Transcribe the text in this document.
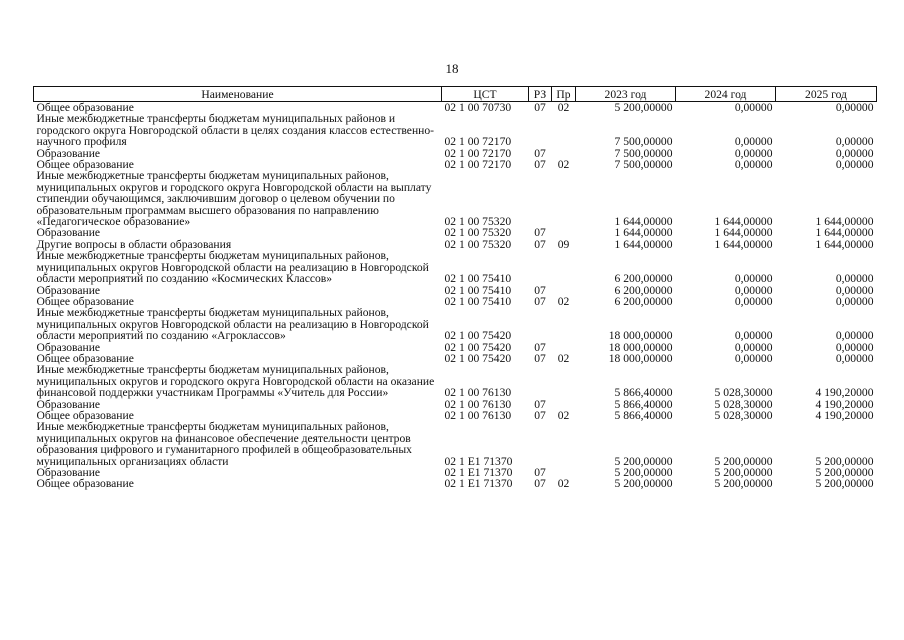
18
Наименование	ЦСТ	РЗ	Пр	2023 год	2024 год	2025 год
Общее образование	02 1 00 70730	07	02	5 200,00000	0,00000	0,00000
Иные межбюджетные трансферты бюджетам муниципальных районов и городского округа Новгородской области в целях создания классов естественно-научного профиля	02 1 00 72170			7 500,00000	0,00000	0,00000
Образование	02 1 00 72170	07		7 500,00000	0,00000	0,00000
Общее образование	02 1 00 72170	07	02	7 500,00000	0,00000	0,00000
Иные межбюджетные трансферты бюджетам муниципальных районов, муниципальных округов и городского округа Новгородской области на выплату стипендии обучающимся, заключившим договор о целевом обучении по образовательным программам высшего образования по направлению «Педагогическое образование»	02 1 00 75320			1 644,00000	1 644,00000	1 644,00000
Образование	02 1 00 75320	07		1 644,00000	1 644,00000	1 644,00000
Другие вопросы в области образования	02 1 00 75320	07	09	1 644,00000	1 644,00000	1 644,00000
Иные межбюджетные трансферты бюджетам муниципальных районов, муниципальных округов Новгородской области на реализацию в Новгородской области мероприятий по созданию «Космических Классов»	02 1 00 75410			6 200,00000	0,00000	0,00000
Образование	02 1 00 75410	07		6 200,00000	0,00000	0,00000
Общее образование	02 1 00 75410	07	02	6 200,00000	0,00000	0,00000
Иные межбюджетные трансферты бюджетам муниципальных районов, муниципальных округов Новгородской области на реализацию в Новгородской области мероприятий по созданию «Агроклассов»	02 1 00 75420			18 000,00000	0,00000	0,00000
Образование	02 1 00 75420	07		18 000,00000	0,00000	0,00000
Общее образование	02 1 00 75420	07	02	18 000,00000	0,00000	0,00000
Иные межбюджетные трансферты бюджетам муниципальных районов, муниципальных округов и городского округа Новгородской области на оказание финансовой поддержки участникам Программы «Учитель для России»	02 1 00 76130			5 866,40000	5 028,30000	4 190,20000
Образование	02 1 00 76130	07		5 866,40000	5 028,30000	4 190,20000
Общее образование	02 1 00 76130	07	02	5 866,40000	5 028,30000	4 190,20000
Иные межбюджетные трансферты бюджетам муниципальных районов, муниципальных округов на финансовое обеспечение деятельности центров образования цифрового и гуманитарного профилей в общеобразовательных муниципальных организациях области	02 1 E1 71370			5 200,00000	5 200,00000	5 200,00000
Образование	02 1 E1 71370	07		5 200,00000	5 200,00000	5 200,00000
Общее образование	02 1 E1 71370	07	02	5 200,00000	5 200,00000	5 200,00000
